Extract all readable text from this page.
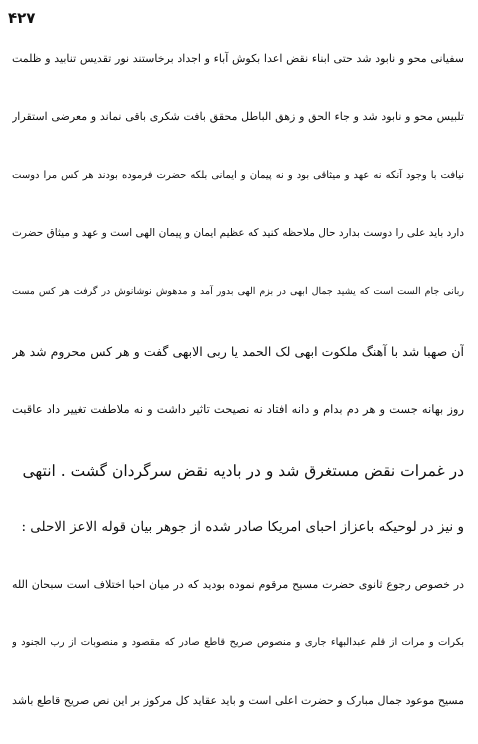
۴۲۷
سفیانی محو و نابود شد حتی ابناء نقض اعدا بکوش آباء و اجداد برخاستند نور تقدیس تنابید و ظلمت
تلبیس محو و نابود شد و جاء الحق و زهق الباطل محقق بافت شکری باقی نماند و معرضی استقرار
نیافت با وجود آنکه نه عهد و میثاقی بود و نه پیمان و ایمانی بلکه حضرت فرموده بودند هر کس مرا دوست
دارد باید علی را دوست بدارد حال ملاحظه کنید که عظیم ایمان و پیمان الهی است و عهد و میثاق حضرت
ربانی جام الست است که یشید جمال ابهی در بزم الهی بدور آمد و مدهوش نوشانوش در گرفت هر کس مست
آن صهبا شد با آهنگ ملکوت ابهی لک الحمد یا ربی الابهی گفت و هر کس محروم شد هر
روز بهانه جست و هر دم بدام و دانه افتاد نه نصیحت تاثیر داشت و نه ملاطفت تغییر داد عاقبت
در غمرات نقض مستغرق شد و در بادیه نقض سرگردان گشت . انتهی
و نیز در لوحیکه باعزاز احبای امریکا صادر شده از جوهر بیان قوله الاعز الاحلی :
در خصوص رجوع ثانوی حضرت مسیح مرقوم نموده بودید که در میان احبا اختلاف است سبحان الله
بکرات و مرات از قلم عبدالبهاء جاری و منصوص صریح قاطع صادر که مقصود و منصوبات از رب الجنود و
مسیح موعود جمال مبارک و حضرت اعلی است و باید عقاید کل مرکوز بر این نص صریح قاطع باشد
